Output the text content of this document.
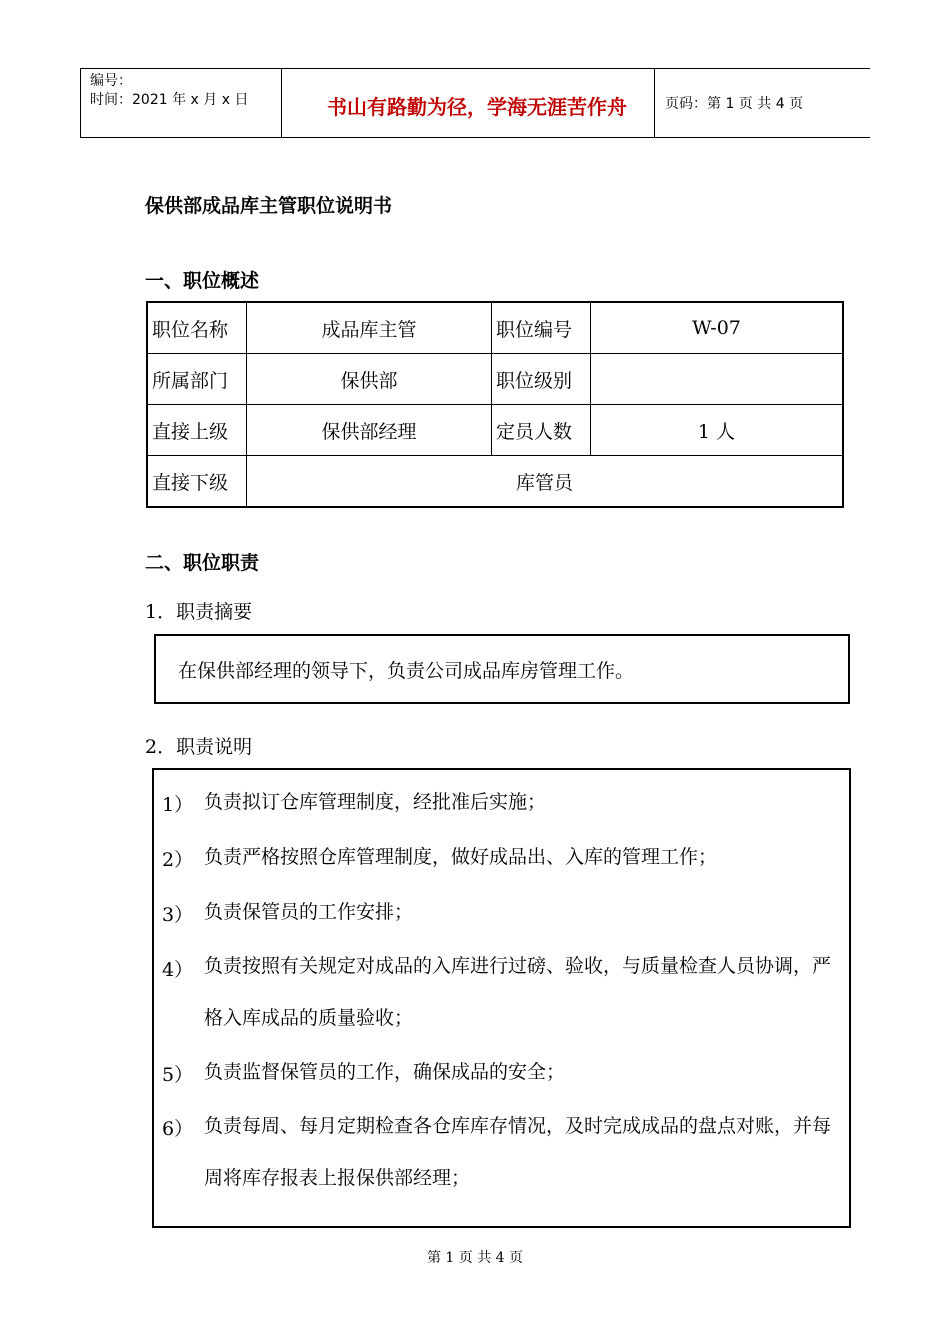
编号：
时间：2021 年 x 月 x 日	书山有路勤为径，学海无涯苦作舟	页码：第 1 页 共 4 页
保供部成品库主管职位说明书
一、职位概述
职位名称	成品库主管	职位编号	W-07
所属部门	保供部	职位级别	
直接上级	保供部经理	定员人数	1 人
直接下级	库管员		
二、职位职责
1．职责摘要
在保供部经理的领导下，负责公司成品库房管理工作。
2．职责说明
1） 负责拟订仓库管理制度，经批准后实施；
2） 负责严格按照仓库管理制度，做好成品出、入库的管理工作；
3） 负责保管员的工作安排；
4） 负责按照有关规定对成品的入库进行过磅、验收，与质量检查人员协调，严格入库成品的质量验收；
5） 负责监督保管员的工作，确保成品的安全；
6） 负责每周、每月定期检查各仓库库存情况，及时完成成品的盘点对账，并每周将库存报表上报保供部经理；
第 1 页 共 4 页
